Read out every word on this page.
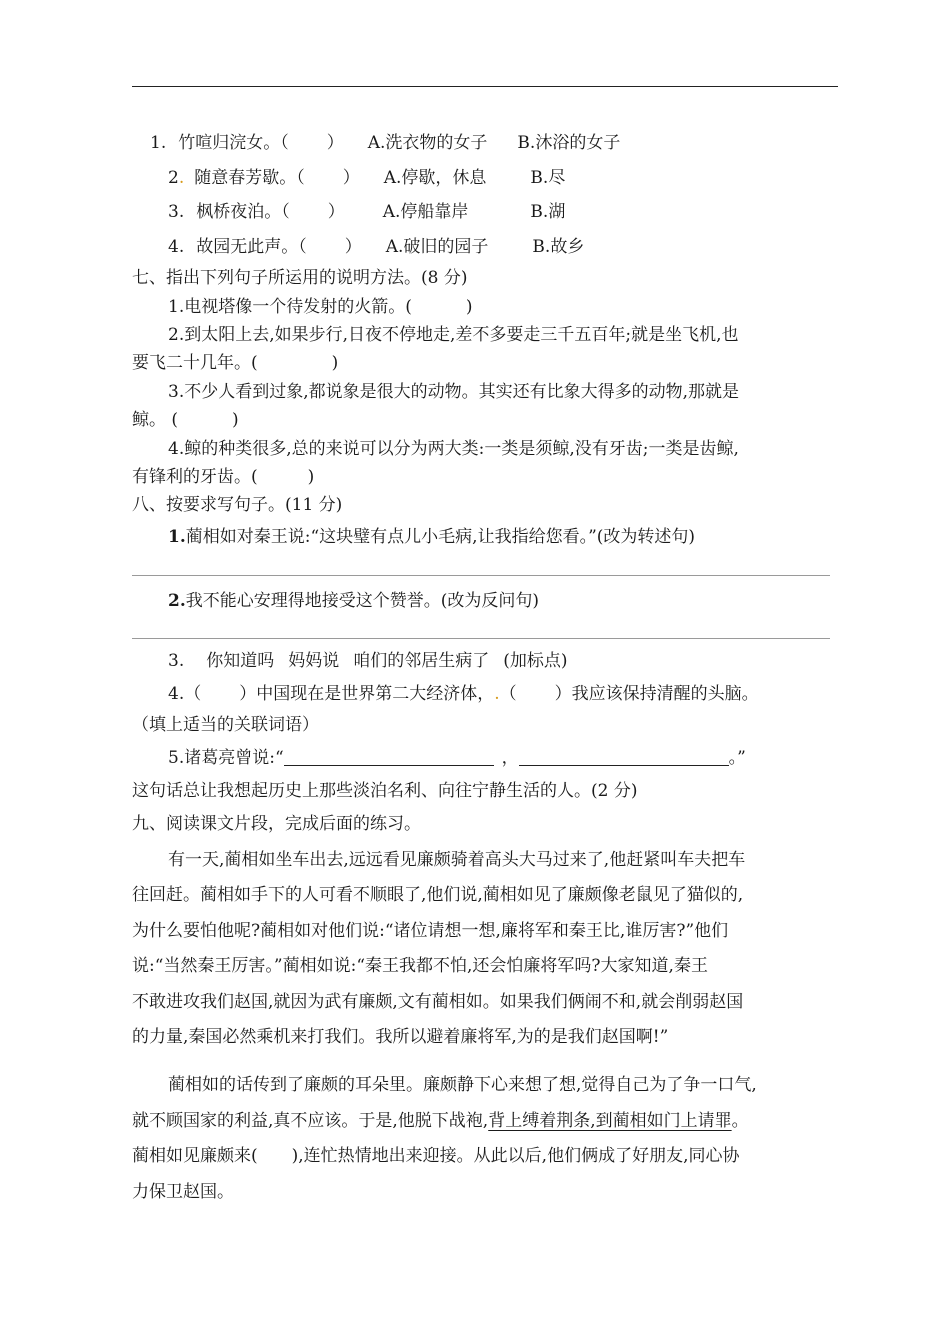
1. 竹喧归浣女。（ ） A.洗衣物的女子 B.沐浴的女子
2. 随意春芳歇。（ ） A.停歇，休息	B.尽
3. 枫桥夜泊。（ ） A.停船靠岸	B.湖
4. 故园无此声。（ ） A.破旧的园子	B.故乡
七、指出下列句子所运用的说明方法。(8 分)
1.电视塔像一个待发射的火箭。(	)
2.到太阳上去,如果步行,日夜不停地走,差不多要走三千五百年;就是坐飞机,也
要飞二十几年。(	)
3.不少人看到过象,都说象是很大的动物。其实还有比象大得多的动物,那就是
鲸。 (	)
4.鲸的种类很多,总的来说可以分为两大类:一类是须鲸,没有牙齿;一类是齿鲸,
有锋利的牙齿。(	)
八、按要求写句子。(11 分)
1.蔺相如对秦王说:“这块璧有点儿小毛病,让我指给您看。”(改为转述句)
2.我不能心安理得地接受这个赞誉。(改为反问句)
3. 你知道吗 妈妈说 咱们的邻居生病了 (加标点)
4.（ ）中国现在是世界第二大经济体，.（ ）我应该保持清醒的头脑。
（填上适当的关联词语）
5.诸葛亮曾说:“	，	。”
这句话总让我想起历史上那些淡泊名利、向往宁静生活的人。(2 分)
九、阅读课文片段，完成后面的练习。
有一天,蔺相如坐车出去,远远看见廉颇骑着高头大马过来了,他赶紧叫车夫把车
往回赶。蔺相如手下的人可看不顺眼了,他们说,蔺相如见了廉颇像老鼠见了猫似的,
为什么要怕他呢?蔺相如对他们说:“诸位请想一想,廉将军和秦王比,谁厉害?”他们
说:“当然秦王厉害。”蔺相如说:“秦王我都不怕,还会怕廉将军吗?大家知道,秦王
不敢进攻我们赵国,就因为武有廉颇,文有蔺相如。如果我们俩闹不和,就会削弱赵国
的力量,秦国必然乘机来打我们。我所以避着廉将军,为的是我们赵国啊!”
蔺相如的话传到了廉颇的耳朵里。廉颇静下心来想了想,觉得自己为了争一口气,
就不顾国家的利益,真不应该。于是,他脱下战袍,背上缚着荆条,到蔺相如门上请罪。
蔺相如见廉颇来( ),连忙热情地出来迎接。从此以后,他们俩成了好朋友,同心协
力保卫赵国。
